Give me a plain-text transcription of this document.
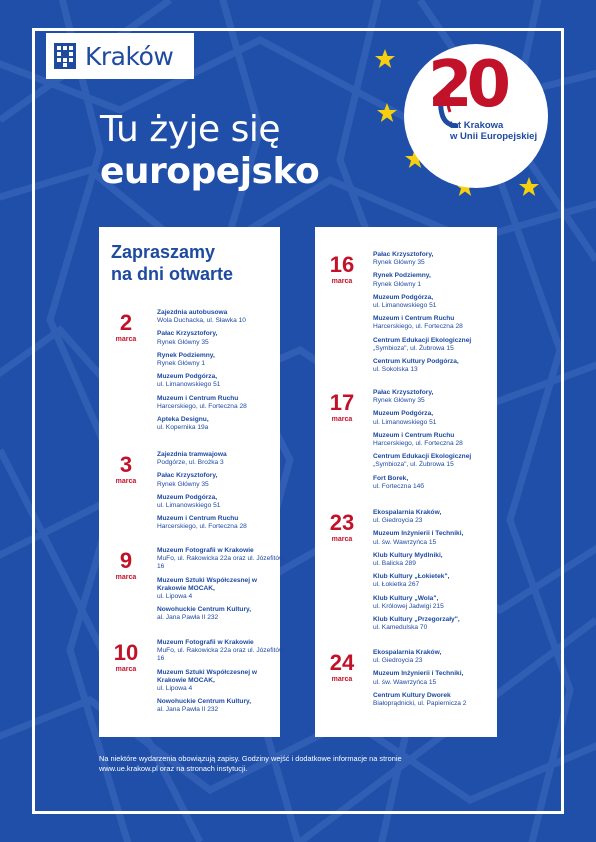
Kraków
Tu żyje się
europejsko
20
lat Krakowa
w Unii Europejskiej
Zapraszamy
na dni otwarte
2
marca
Zajezdnia autobusowa
Wola Duchacka, ul. Sławka 10
Pałac Krzysztofory,
Rynek Główny 35
Rynek Podziemny,
Rynek Główny 1
Muzeum Podgórza,
ul. Limanowskiego 51
Muzeum i Centrum Ruchu
Harcerskiego, ul. Forteczna 28
Apteka Designu,
ul. Kopernika 19a
3
marca
Zajezdnia tramwajowa
Podgórze, ul. Brożka 3
Pałac Krzysztofory,
Rynek Główny 35
Muzeum Podgórza,
ul. Limanowskiego 51
Muzeum i Centrum Ruchu
Harcerskiego, ul. Forteczna 28
9
marca
Muzeum Fotografii w Krakowie
MuFo, ul. Rakowicka 22a oraz ul. Józefitów 16
Muzeum Sztuki Współczesnej w Krakowie MOCAK,
ul. Lipowa 4
Nowohuckie Centrum Kultury,
al. Jana Pawła II 232
10
marca
Muzeum Fotografii w Krakowie
MuFo, ul. Rakowicka 22a oraz ul. Józefitów 16
Muzeum Sztuki Współczesnej w Krakowie MOCAK,
ul. Lipowa 4
Nowohuckie Centrum Kultury,
al. Jana Pawła II 232
16
marca
Pałac Krzysztofory,
Rynek Główny 35
Rynek Podziemny,
Rynek Główny 1
Muzeum Podgórza,
ul. Limanowskiego 51
Muzeum i Centrum Ruchu
Harcerskiego, ul. Forteczna 28
Centrum Edukacji Ekologicznej
„Symbioza", ul. Żubrowa 15
Centrum Kultury Podgórza,
ul. Sokolska 13
17
marca
Pałac Krzysztofory,
Rynek Główny 35
Muzeum Podgórza,
ul. Limanowskiego 51
Muzeum i Centrum Ruchu
Harcerskiego, ul. Forteczna 28
Centrum Edukacji Ekologicznej
„Symbioza", ul. Żubrowa 15
Fort Borek,
ul. Forteczna 14б
23
marca
Ekospalarnia Kraków,
ul. Giedroycia 23
Muzeum Inżynierii i Techniki,
ul. św. Wawrzyńca 15
Klub Kultury Mydlniki,
ul. Balicka 289
Klub Kultury „Łokietek",
ul. Łokietka 267
Klub Kultury „Wola",
ul. Królowej Jadwigi 215
Klub Kultury „Przegorzały",
ul. Kamedulska 70
24
marca
Ekospalarnia Kraków,
ul. Giedroycia 23
Muzeum Inżynierii i Techniki,
ul. św. Wawrzyńca 15
Centrum Kultury Dworek
Białoprądnicki, ul. Papiernicza 2
Na niektóre wydarzenia obowiązują zapisy. Godziny wejść i dodatkowe informacje na stronie
www.ue.krakow.pl oraz na stronach instytucji.
